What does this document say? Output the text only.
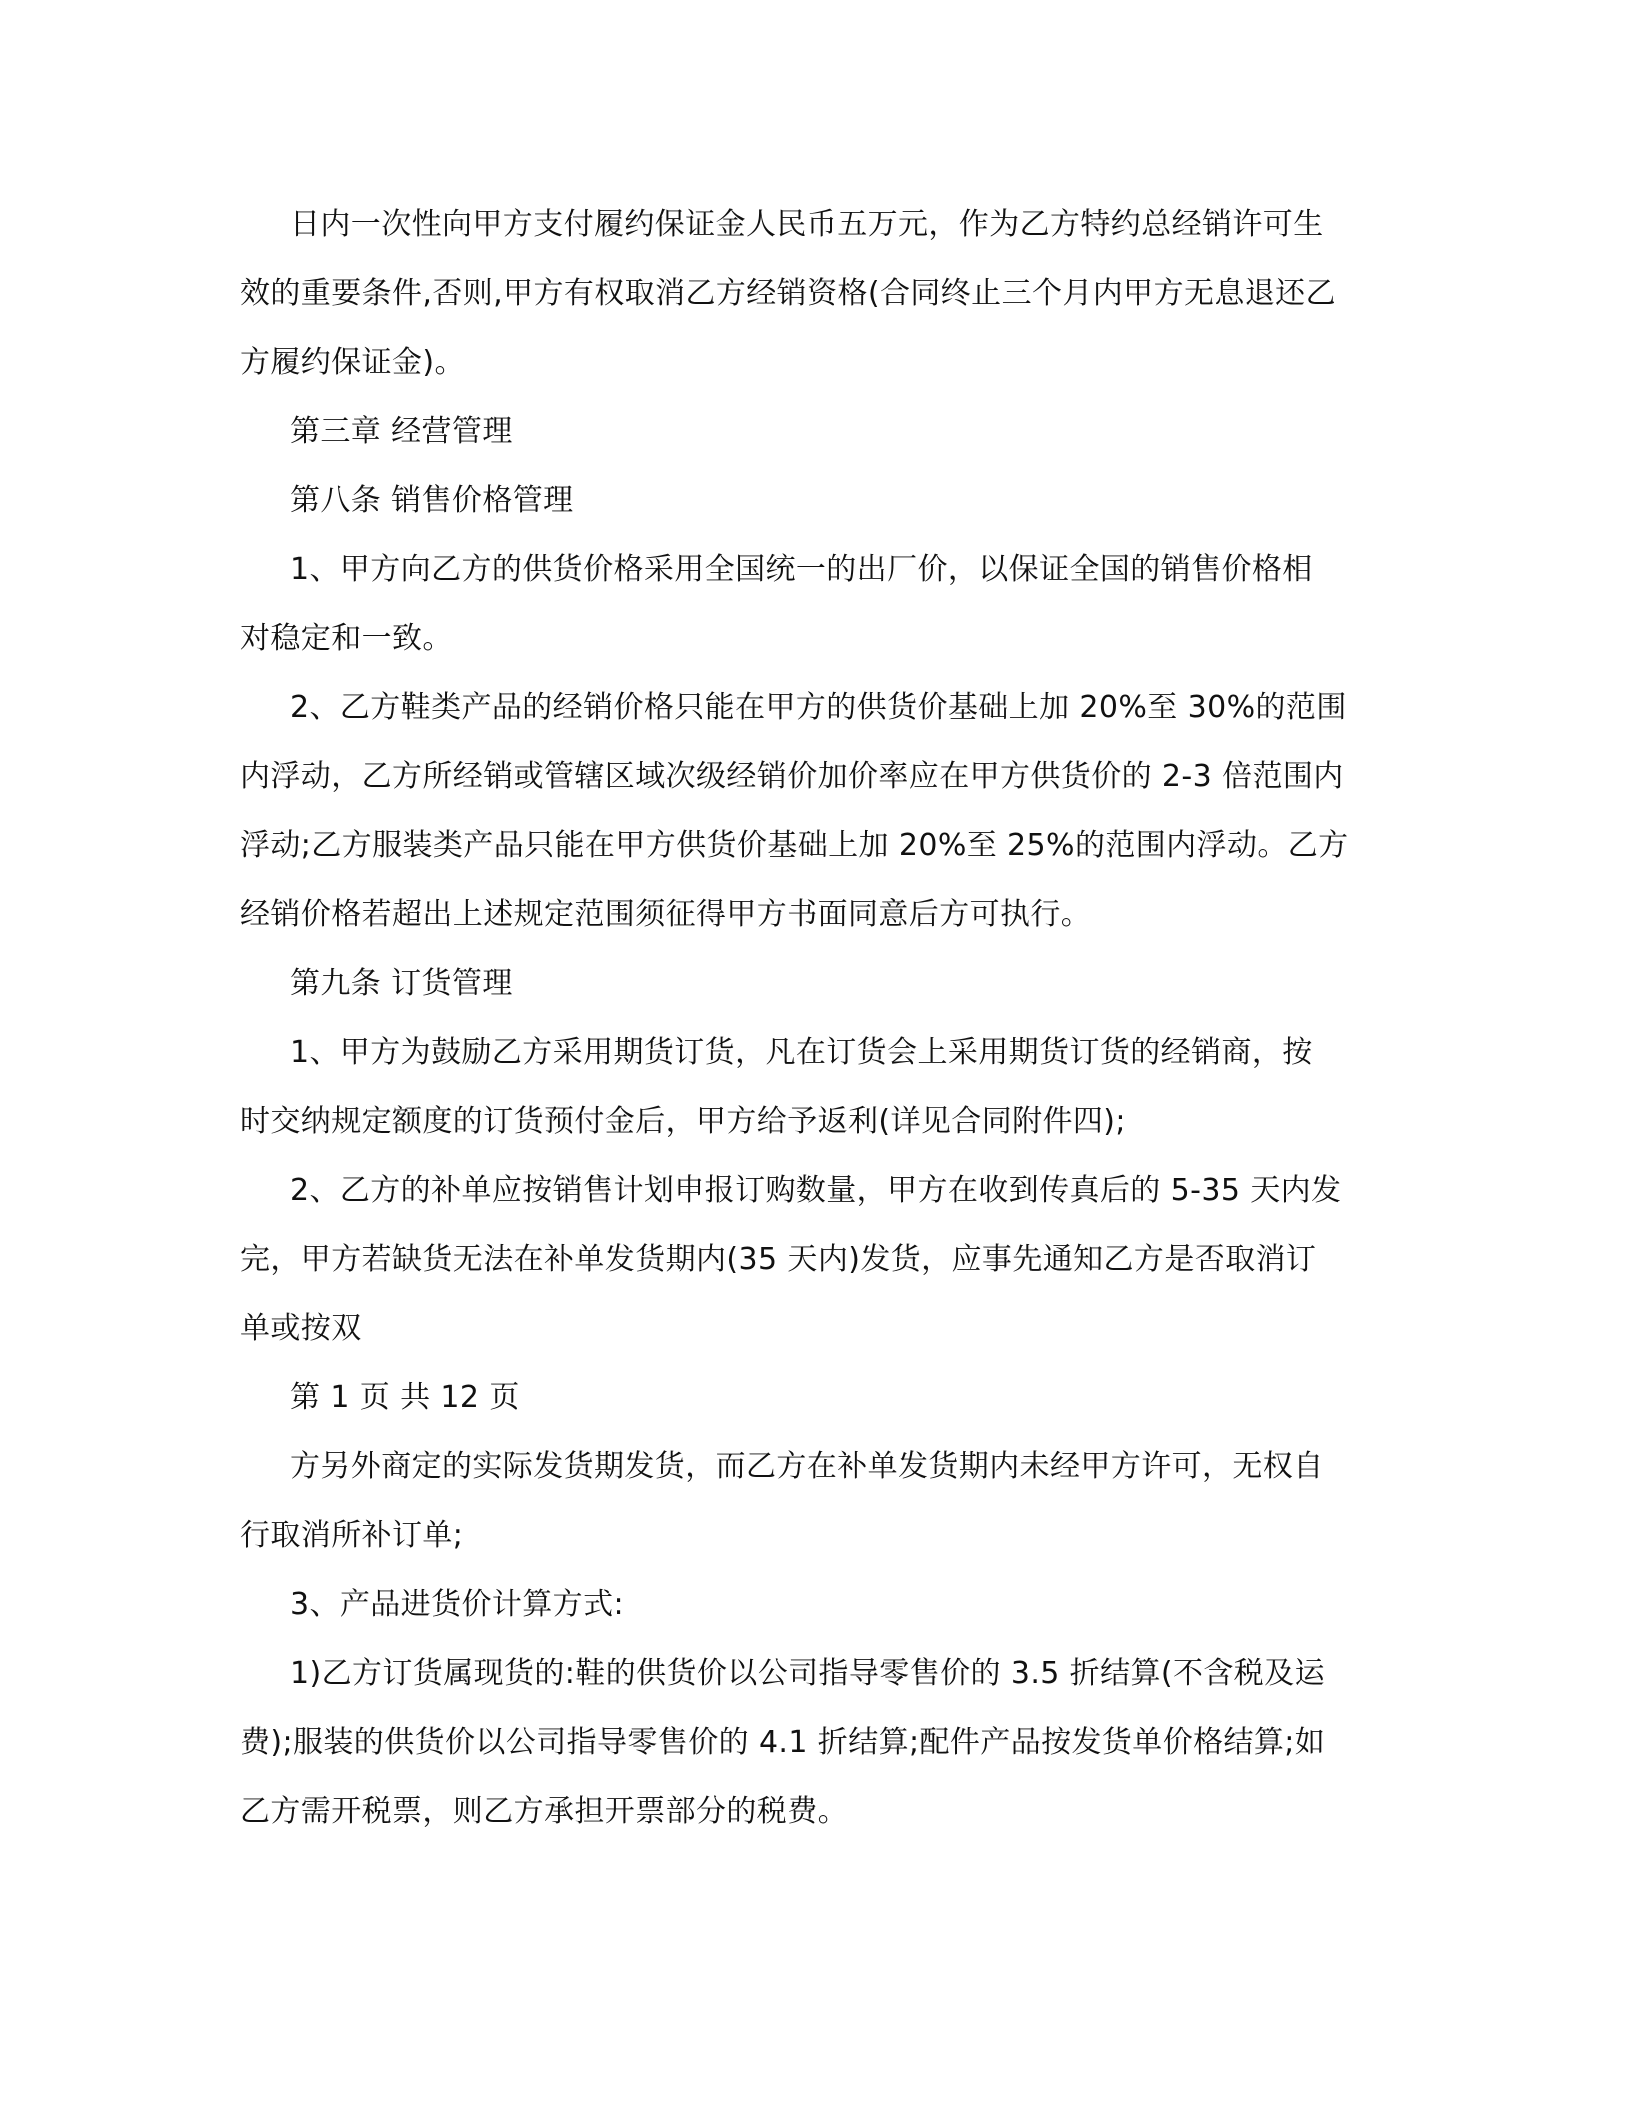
日内一次性向甲方支付履约保证金人民币五万元，作为乙方特约总经销许可生
效的重要条件,否则,甲方有权取消乙方经销资格(合同终止三个月内甲方无息退还乙
方履约保证金)。
第三章 经营管理
第八条 销售价格管理
1、甲方向乙方的供货价格采用全国统一的出厂价，以保证全国的销售价格相
对稳定和一致。
2、乙方鞋类产品的经销价格只能在甲方的供货价基础上加 20%至 30%的范围
内浮动，乙方所经销或管辖区域次级经销价加价率应在甲方供货价的 2-3 倍范围内
浮动;乙方服装类产品只能在甲方供货价基础上加 20%至 25%的范围内浮动。乙方
经销价格若超出上述规定范围须征得甲方书面同意后方可执行。
第九条 订货管理
1、甲方为鼓励乙方采用期货订货，凡在订货会上采用期货订货的经销商，按
时交纳规定额度的订货预付金后，甲方给予返利(详见合同附件四);
2、乙方的补单应按销售计划申报订购数量，甲方在收到传真后的 5-35 天内发
完，甲方若缺货无法在补单发货期内(35 天内)发货，应事先通知乙方是否取消订
单或按双
第 1 页 共 12 页
方另外商定的实际发货期发货，而乙方在补单发货期内未经甲方许可，无权自
行取消所补订单;
3、产品进货价计算方式:
1)乙方订货属现货的:鞋的供货价以公司指导零售价的 3.5 折结算(不含税及运
费);服装的供货价以公司指导零售价的 4.1 折结算;配件产品按发货单价格结算;如
乙方需开税票，则乙方承担开票部分的税费。
